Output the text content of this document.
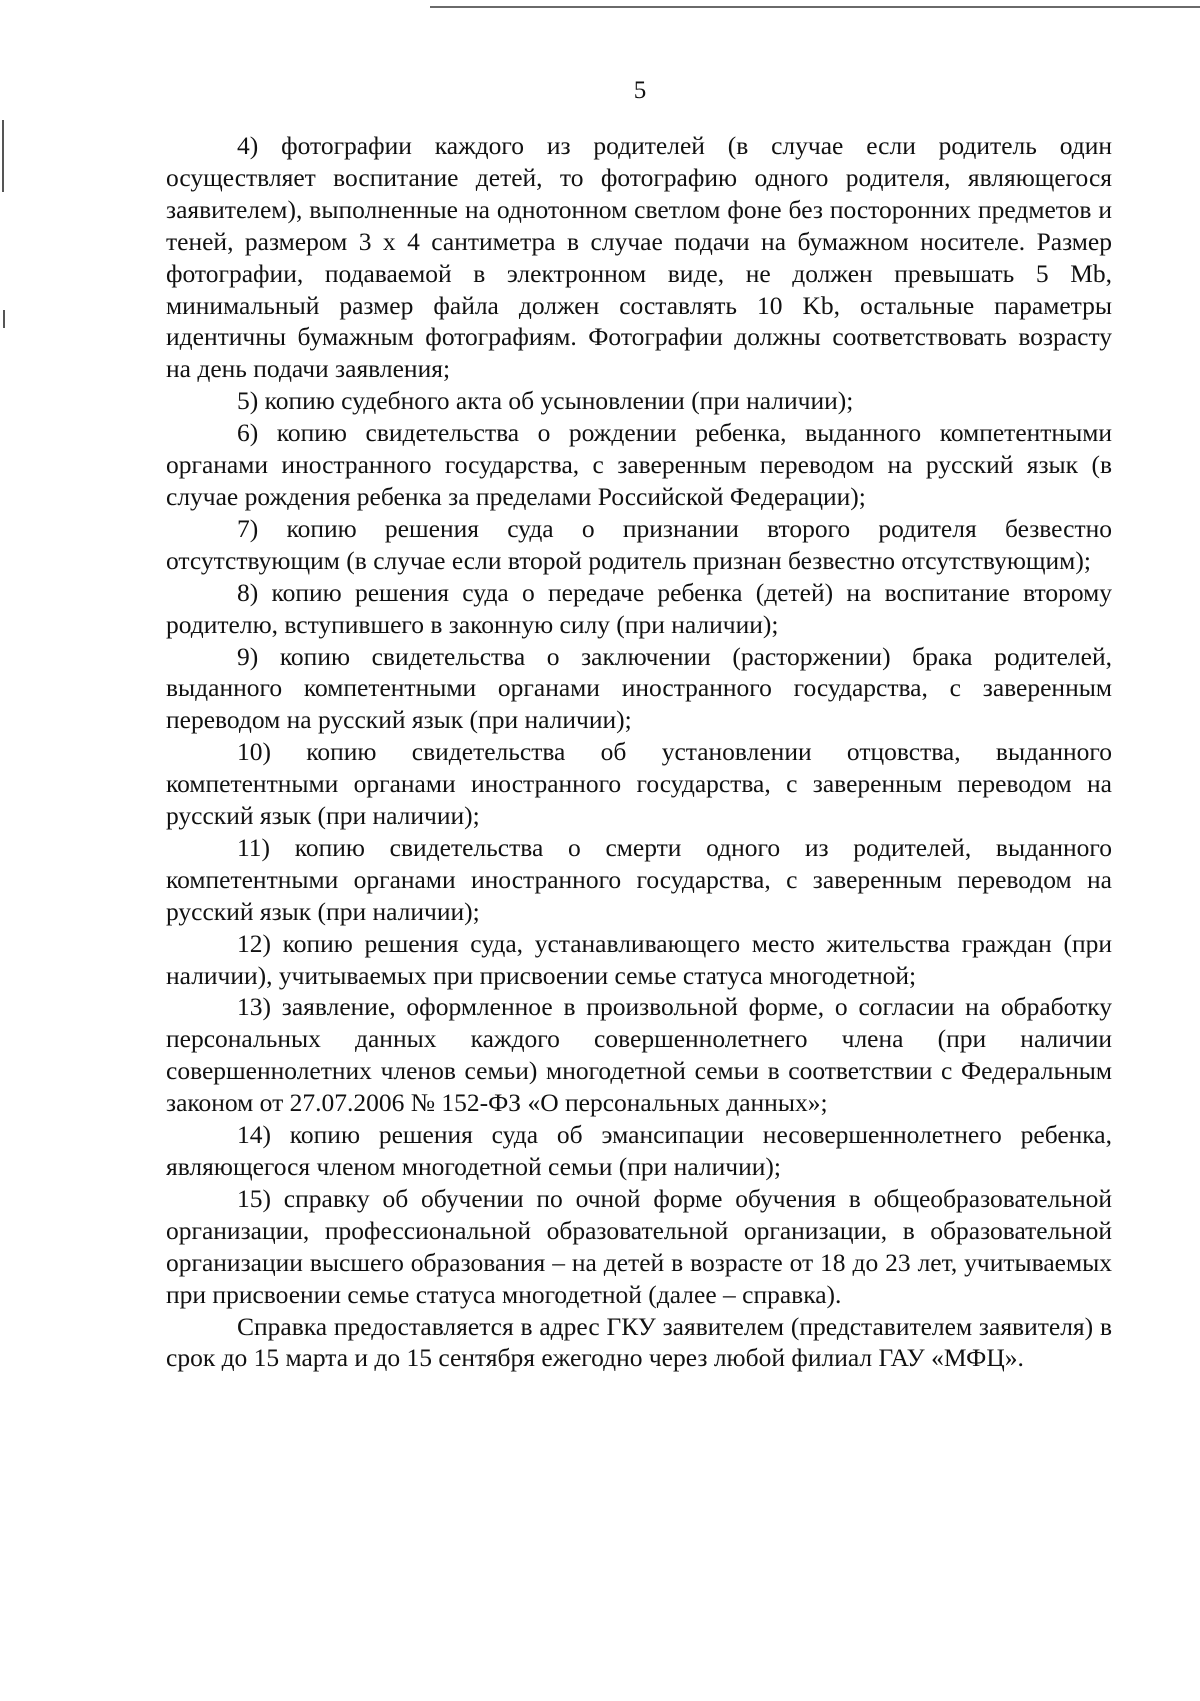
5

4) фотографии каждого из родителей (в случае если родитель один осуществляет воспитание детей, то фотографию одного родителя, являющегося заявителем), выполненные на однотонном светлом фоне без посторонних предметов и теней, размером 3 х 4 сантиметра в случае подачи на бумажном носителе. Размер фотографии, подаваемой в электронном виде, не должен превышать 5 Mb, минимальный размер файла должен составлять 10 Kb, остальные параметры идентичны бумажным фотографиям. Фотографии должны соответствовать возрасту на день подачи заявления;

5) копию судебного акта об усыновлении (при наличии);

6) копию свидетельства о рождении ребенка, выданного компетентными органами иностранного государства, с заверенным переводом на русский язык (в случае рождения ребенка за пределами Российской Федерации);

7) копию решения суда о признании второго родителя безвестно отсутствующим (в случае если второй родитель признан безвестно отсутствующим);

8) копию решения суда о передаче ребенка (детей) на воспитание второму родителю, вступившего в законную силу (при наличии);

9) копию свидетельства о заключении (расторжении) брака родителей, выданного компетентными органами иностранного государства, с заверенным переводом на русский язык (при наличии);

10) копию свидетельства об установлении отцовства, выданного компетентными органами иностранного государства, с заверенным переводом на русский язык (при наличии);

11) копию свидетельства о смерти одного из родителей, выданного компетентными органами иностранного государства, с заверенным переводом на русский язык (при наличии);

12) копию решения суда, устанавливающего место жительства граждан (при наличии), учитываемых при присвоении семье статуса многодетной;

13) заявление, оформленное в произвольной форме, о согласии на обработку персональных данных каждого совершеннолетнего члена (при наличии совершеннолетних членов семьи) многодетной семьи в соответствии с Федеральным законом от 27.07.2006 № 152-ФЗ «О персональных данных»;

14) копию решения суда об эмансипации несовершеннолетнего ребенка, являющегося членом многодетной семьи (при наличии);

15) справку об обучении по очной форме обучения в общеобразовательной организации, профессиональной образовательной организации, в образовательной организации высшего образования – на детей в возрасте от 18 до 23 лет, учитываемых при присвоении семье статуса многодетной (далее – справка).

Справка предоставляется в адрес ГКУ заявителем (представителем заявителя) в срок до 15 марта и до 15 сентября ежегодно через любой филиал ГАУ «МФЦ».
